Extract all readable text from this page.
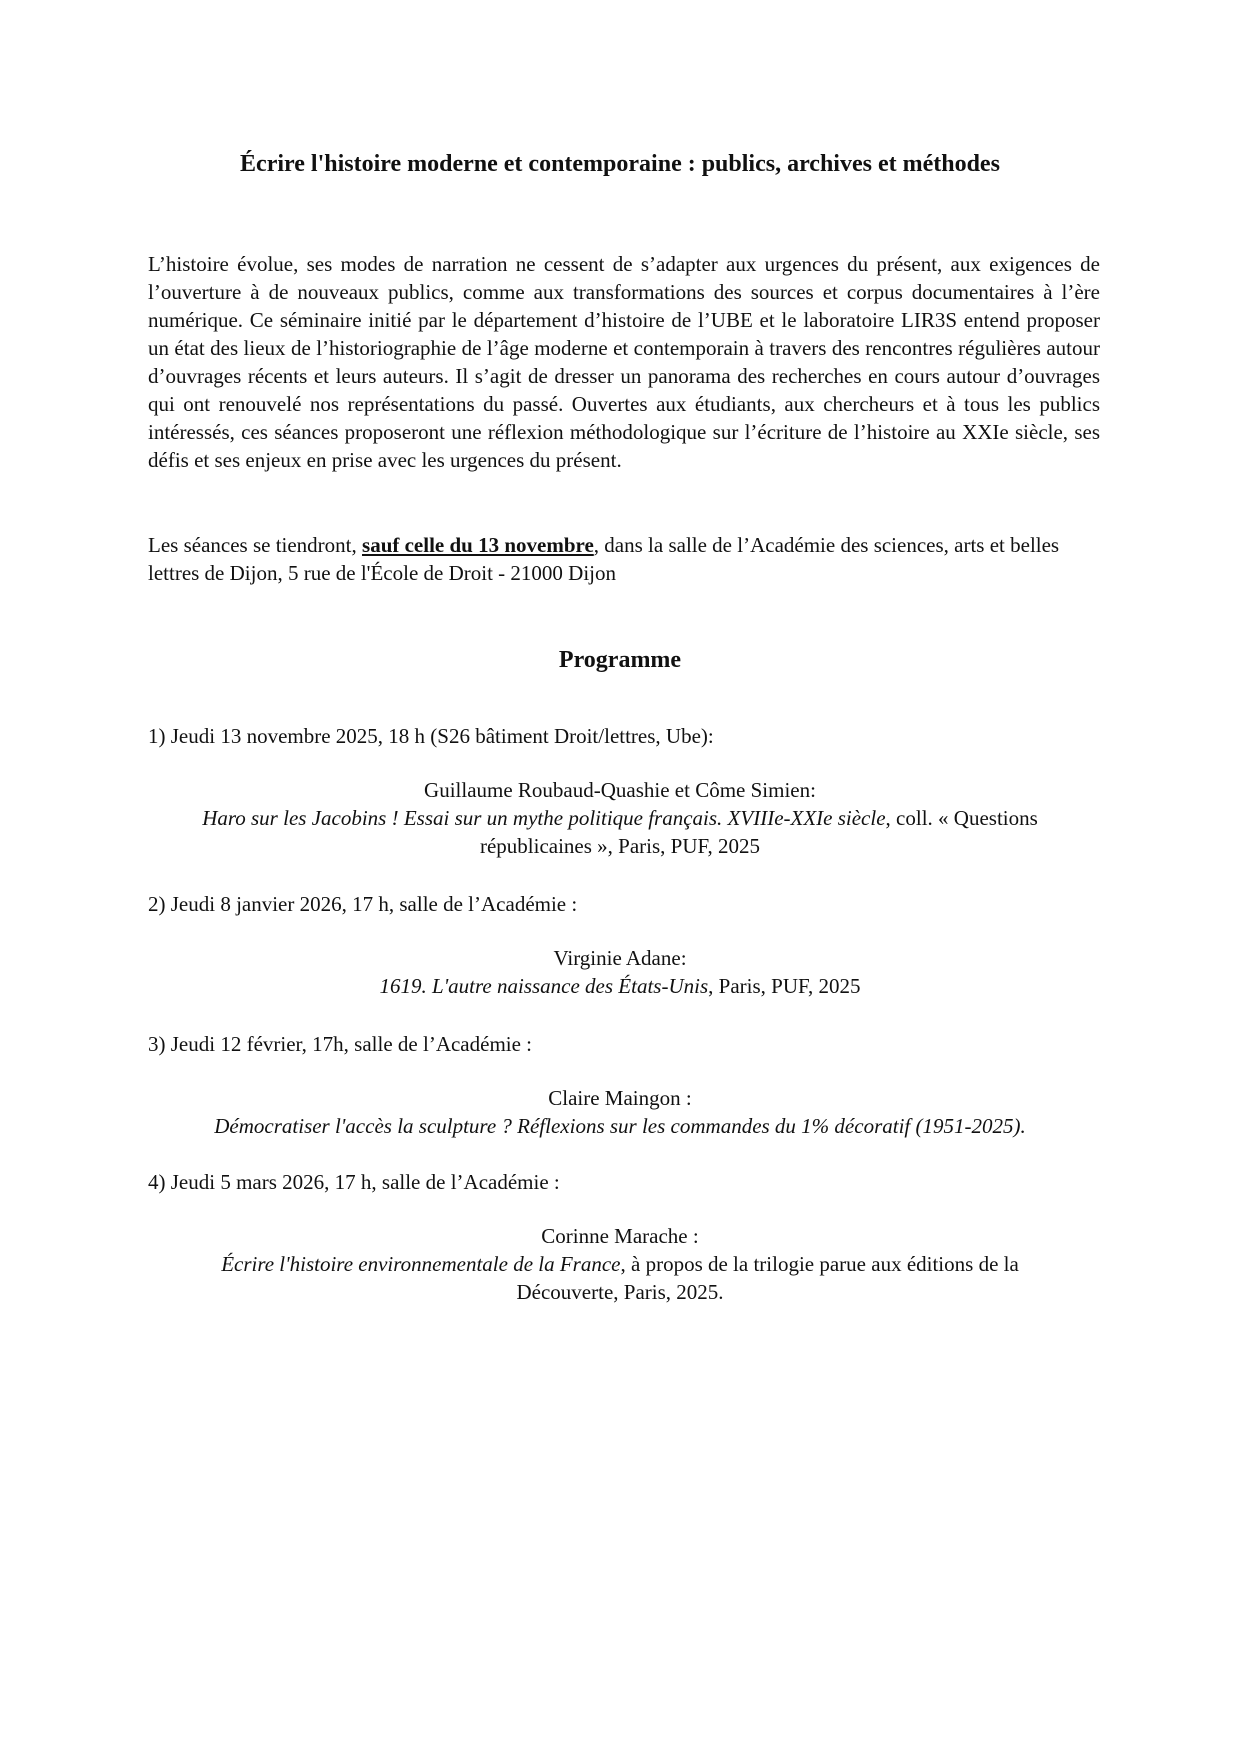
Écrire l'histoire moderne et contemporaine : publics, archives et méthodes

L’histoire évolue, ses modes de narration ne cessent de s’adapter aux urgences du présent, aux exigences de l’ouverture à de nouveaux publics, comme aux transformations des sources et corpus documentaires à l’ère numérique. Ce séminaire initié par le département d’histoire de l’UBE et le laboratoire LIR3S entend proposer un état des lieux de l’historiographie de l’âge moderne et contemporain à travers des rencontres régulières autour d’ouvrages récents et leurs auteurs. Il s’agit de dresser un panorama des recherches en cours autour d’ouvrages qui ont renouvelé nos représentations du passé. Ouvertes aux étudiants, aux chercheurs et à tous les publics intéressés, ces séances proposeront une réflexion méthodologique sur l’écriture de l’histoire au XXIe siècle, ses défis et ses enjeux en prise avec les urgences du présent.

Les séances se tiendront, sauf celle du 13 novembre, dans la salle de l’Académie des sciences, arts et belles lettres de Dijon, 5 rue de l'École de Droit - 21000 Dijon

Programme

1) Jeudi 13 novembre 2025, 18 h (S26 bâtiment Droit/lettres, Ube):

Guillaume Roubaud-Quashie et Côme Simien:
Haro sur les Jacobins ! Essai sur un mythe politique français. XVIIIe-XXIe siècle, coll. « Questions républicaines », Paris, PUF, 2025

2) Jeudi 8 janvier 2026, 17 h, salle de l’Académie :

Virginie Adane:
1619. L'autre naissance des États-Unis, Paris, PUF, 2025

3) Jeudi 12 février, 17h, salle de l’Académie :

Claire Maingon :
Démocratiser l'accès la sculpture ? Réflexions sur les commandes du 1% décoratif (1951-2025).

4) Jeudi 5 mars 2026, 17 h, salle de l’Académie :

Corinne Marache :
Écrire l'histoire environnementale de la France, à propos de la trilogie parue aux éditions de la Découverte, Paris, 2025.
